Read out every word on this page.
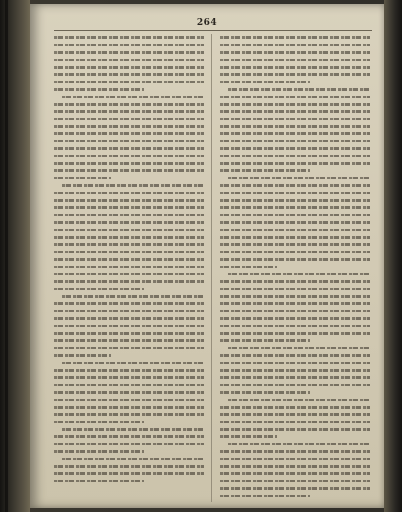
264
